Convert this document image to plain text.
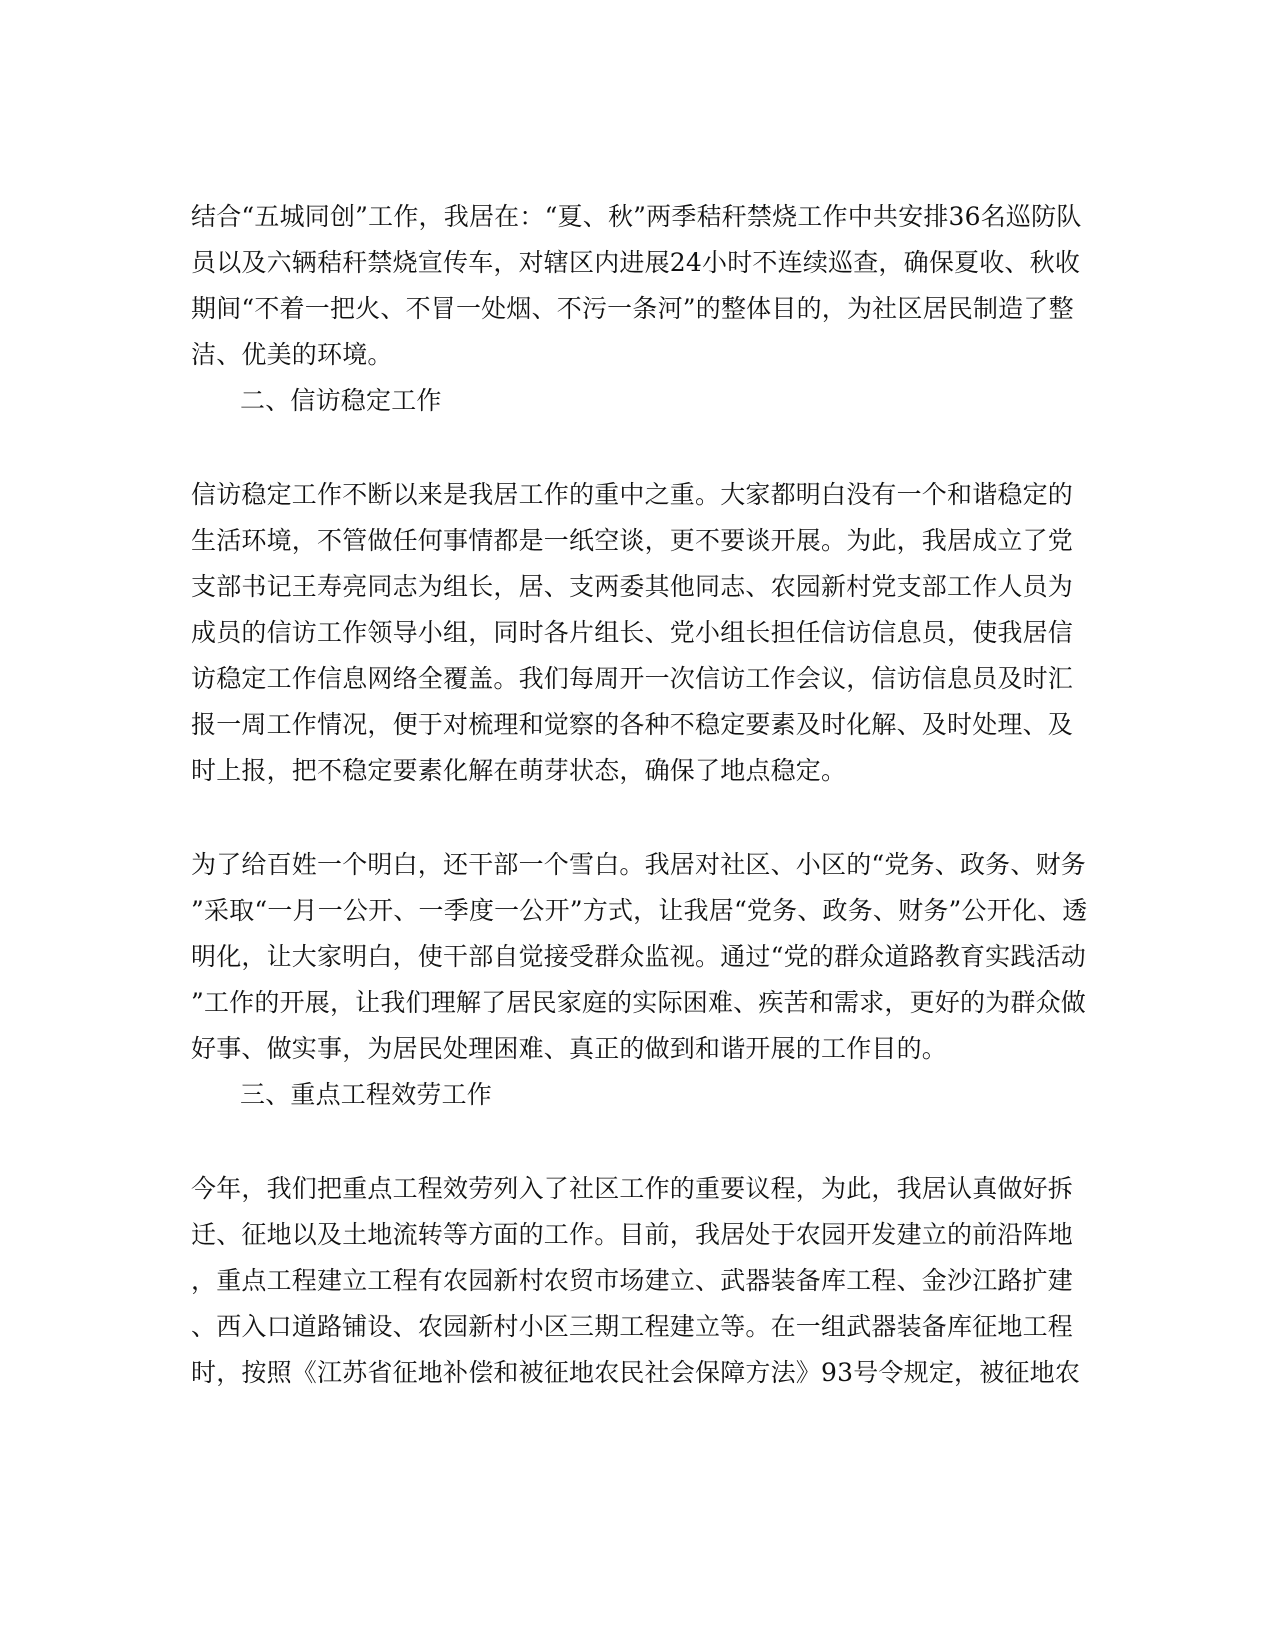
结合“五城同创”工作，我居在：“夏、秋”两季秸秆禁烧工作中共安排36名巡防队
员以及六辆秸秆禁烧宣传车，对辖区内进展24小时不连续巡查，确保夏收、秋收
期间“不着一把火、不冒一处烟、不污一条河”的整体目的，为社区居民制造了整
洁、优美的环境。
二、信访稳定工作
信访稳定工作不断以来是我居工作的重中之重。大家都明白没有一个和谐稳定的
生活环境，不管做任何事情都是一纸空谈，更不要谈开展。为此，我居成立了党
支部书记王寿亮同志为组长，居、支两委其他同志、农园新村党支部工作人员为
成员的信访工作领导小组，同时各片组长、党小组长担任信访信息员，使我居信
访稳定工作信息网络全覆盖。我们每周开一次信访工作会议，信访信息员及时汇
报一周工作情况，便于对梳理和觉察的各种不稳定要素及时化解、及时处理、及
时上报，把不稳定要素化解在萌芽状态，确保了地点稳定。
为了给百姓一个明白，还干部一个雪白。我居对社区、小区的“党务、政务、财务
”采取“一月一公开、一季度一公开”方式，让我居“党务、政务、财务”公开化、透
明化，让大家明白，使干部自觉接受群众监视。通过“党的群众道路教育实践活动
”工作的开展，让我们理解了居民家庭的实际困难、疾苦和需求，更好的为群众做
好事、做实事，为居民处理困难、真正的做到和谐开展的工作目的。
三、重点工程效劳工作
今年，我们把重点工程效劳列入了社区工作的重要议程，为此，我居认真做好拆
迁、征地以及土地流转等方面的工作。目前，我居处于农园开发建立的前沿阵地
，重点工程建立工程有农园新村农贸市场建立、武器装备库工程、金沙江路扩建
、西入口道路铺设、农园新村小区三期工程建立等。在一组武器装备库征地工程
时，按照《江苏省征地补偿和被征地农民社会保障方法》93号令规定，被征地农
